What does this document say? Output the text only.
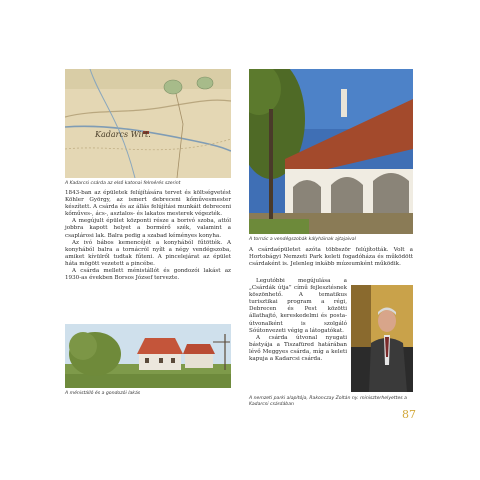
Kadarcs Wirt.
A Kadarcsi csárda az első katonai felmérés szerint

1843-ban az épületek felújítására tervet és költségvetést Köhler György, az ismert debreceni kőművesmester készített. A csárda és az állás felújítási munkáit debreceni kőműves-, ács-, asztalos- és lakatos mesterek végezték.

A megújult épület központi része a borivó szoba, attól jobbra kapott helyet a bormérő szék, valamint a csaplárosi lak. Balra pedig a szabad kéményes konyha.

Az ivó bábos kemencéjét a konyhából fűtötték. A konyhából balra a tornácról nyílt a négy vendégszoba, amiket kívülről tudtak fűteni. A pincelejárat az épület háta mögött vezetett a pincébe.

A csárda mellett ménistállót és gondozói lakást az 1930-as években Borsos József tervezte.

A ménistálló és a gondozói lakás
A tornác a vendégszobák kályháinak ajtajaival

A csárdaépületet azóta többször felújították. Volt a Hortobágyi Nemzeti Park keleti fogadóháza és működött csárdaként is. Jelenleg inkább múzeumként működik.

Legutóbbi megújulása a „Csárdák útja” című fejlesztésnek köszönhető. A tematikus turisztikai program a régi, Debrecen és Pest közötti állathajtó, kereskedelmi és posta-útvonalként is szolgáló Sóútonvezeti végig a látogatókat.

A csárda útvonal nyugati bástyája a Tiszafüred határában lévő Meggyes csárda, míg a keleti kapuja a Kadarcsi csárda.

A nemzeti parki alapítója, Rakonczay Zoltán ny. miniszterhelyettes a Kadarcsi csárdában
87
